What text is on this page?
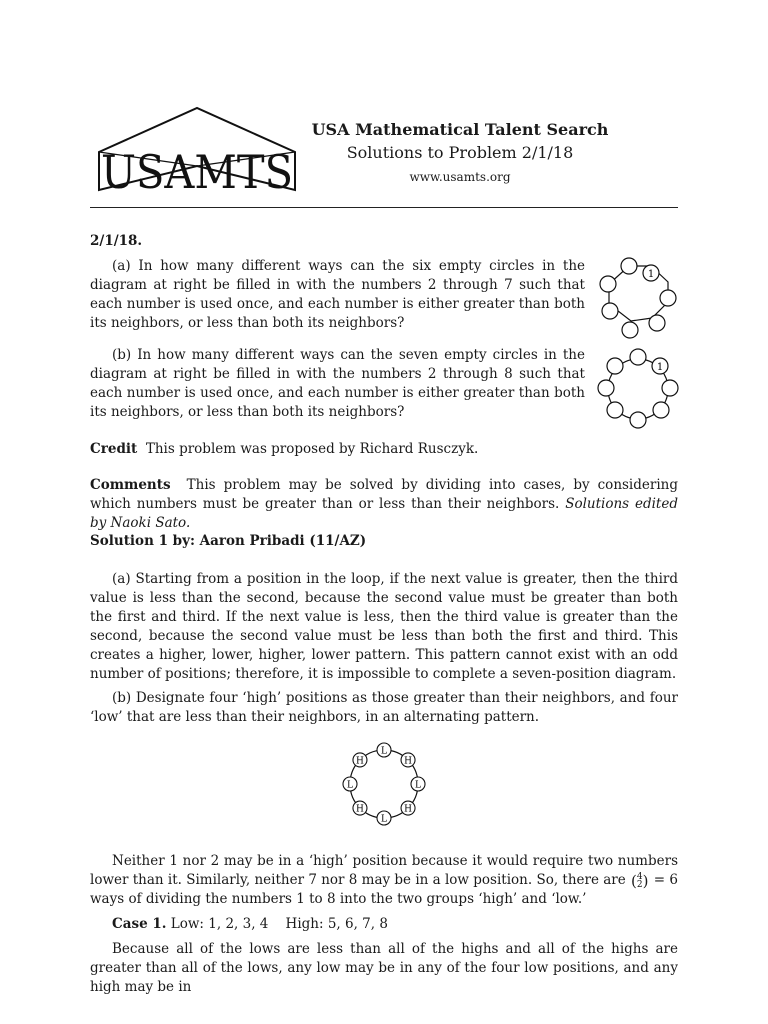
USAMTS
USA Mathematical Talent Search
Solutions to Problem 2/1/18
www.usamts.org
2/1/18.
(a) In how many different ways can the six empty circles in the diagram at right be filled in with the numbers 2 through 7 such that each number is used once, and each number is either greater than both its neighbors, or less than both its neighbors?
1
(b) In how many different ways can the seven empty circles in the diagram at right be filled in with the numbers 2 through 8 such that each number is used once, and each number is either greater than both its neighbors, or less than both its neighbors?
1
Credit This problem was proposed by Richard Rusczyk.
Comments This problem may be solved by dividing into cases, by considering which numbers must be greater than or less than their neighbors. Solutions edited by Naoki Sato.
Solution 1 by: Aaron Pribadi (11/AZ)
(a) Starting from a position in the loop, if the next value is greater, then the third value is less than the second, because the second value must be greater than both the first and third. If the next value is less, then the third value is greater than the second, because the second value must be less than both the first and third. This creates a higher, lower, higher, lower pattern. This pattern cannot exist with an odd number of positions; therefore, it is impossible to complete a seven-position diagram.
(b) Designate four ‘high’ positions as those greater than their neighbors, and four ‘low’ that are less than their neighbors, in an alternating pattern.
L
H
L
H
L
H
L
H
Neither 1 nor 2 may be in a ‘high’ position because it would require two numbers lower than it. Similarly, neither 7 nor 8 may be in a low position. So, there are (4
2) = 6 ways of dividing the numbers 1 to 8 into the two groups ‘high’ and ‘low.’
Case 1. Low: 1, 2, 3, 4 High: 5, 6, 7, 8
Because all of the lows are less than all of the highs and all of the highs are greater than all of the lows, any low may be in any of the four low positions, and any high may be in
